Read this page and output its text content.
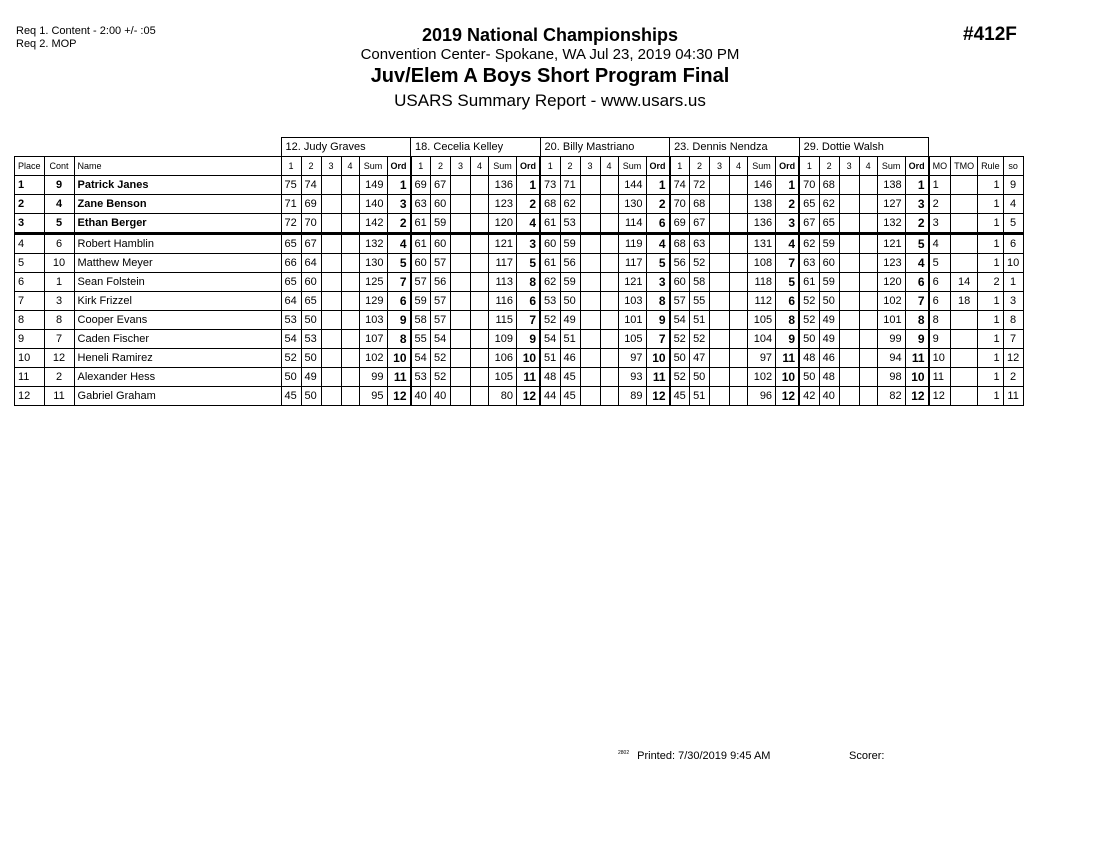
Req 1. Content - 2:00 +/- :05
Req 2. MOP	#412F
2019 National Championships
Convention Center- Spokane, WA Jul 23, 2019 04:30 PM
Juv/Elem A Boys Short Program Final
USARS Summary Report - www.usars.us
			12. Judy Graves						18. Cecelia Kelley						20. Billy Mastriano						23. Dennis Nendza						29. Dottie Walsh									
Place	Cont	Name	1	2	3	4	Sum	Ord	1	2	3	4	Sum	Ord	1	2	3	4	Sum	Ord	1	2	3	4	Sum	Ord	1	2	3	4	Sum	Ord	MO	TMO	Rule	so
1	9	Patrick Janes	75	74			149	1	69	67			136	1	73	71			144	1	74	72			146	1	70	68			138	1	1		1	9
2	4	Zane Benson	71	69			140	3	63	60			123	2	68	62			130	2	70	68			138	2	65	62			127	3	2		1	4
3	5	Ethan Berger	72	70			142	2	61	59			120	4	61	53			114	6	69	67			136	3	67	65			132	2	3		1	5
4	6	Robert Hamblin	65	67			132	4	61	60			121	3	60	59			119	4	68	63			131	4	62	59			121	5	4		1	6
5	10	Matthew Meyer	66	64			130	5	60	57			117	5	61	56			117	5	56	52			108	7	63	60			123	4	5		1	10
6	1	Sean Folstein	65	60			125	7	57	56			113	8	62	59			121	3	60	58			118	5	61	59			120	6	6	14	2	1
7	3	Kirk Frizzel	64	65			129	6	59	57			116	6	53	50			103	8	57	55			112	6	52	50			102	7	6	18	1	3
8	8	Cooper Evans	53	50			103	9	58	57			115	7	52	49			101	9	54	51			105	8	52	49			101	8	8		1	8
9	7	Caden Fischer	54	53			107	8	55	54			109	9	54	51			105	7	52	52			104	9	50	49			99	9	9		1	7
10	12	Heneli Ramirez	52	50			102	10	54	52			106	10	51	46			97	10	50	47			97	11	48	46			94	11	10		1	12
11	2	Alexander Hess	50	49			99	11	53	52			105	11	48	45			93	11	52	50			102	10	50	48			98	10	11		1	2
12	11	Gabriel Graham	45	50			95	12	40	40			80	12	44	45			89	12	45	51			96	12	42	40			82	12	12		1	11
$^{2802}$ Printed: 7/30/2019 9:45 AM	Scorer:
